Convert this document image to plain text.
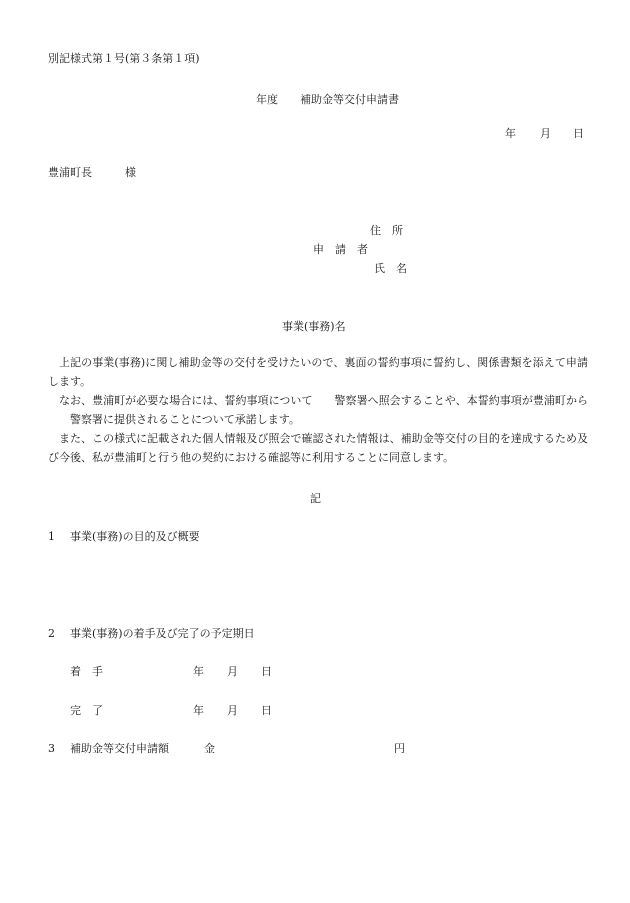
別記様式第１号(第３条第１項)
年度 補助金等交付申請書
年 月 日
豊浦町長	様
住　所
申　請　者
氏　名
事業(事務)名

上記の事業(事務)に関し補助金等の交付を受けたいので、裏面の誓約事項に誓約し、関係書類を添えて申請します。

なお、豊浦町が必要な場合には、誓約事項について 警察署へ照会することや、本誓約事項が豊浦町から警察署に提供されることについて承諾します。

また、この様式に記載された個人情報及び照会で確認された情報は、補助金等交付の目的を達成するため及び今後、私が豊浦町と行う他の契約における確認等に利用することに同意します。

記
1 事業(事務)の目的及び概要
2 事業(事務)の着手及び完了の予定期日
着　手	年 月 日
完　了	年 月 日
3 補助金等交付申請額	金	円
